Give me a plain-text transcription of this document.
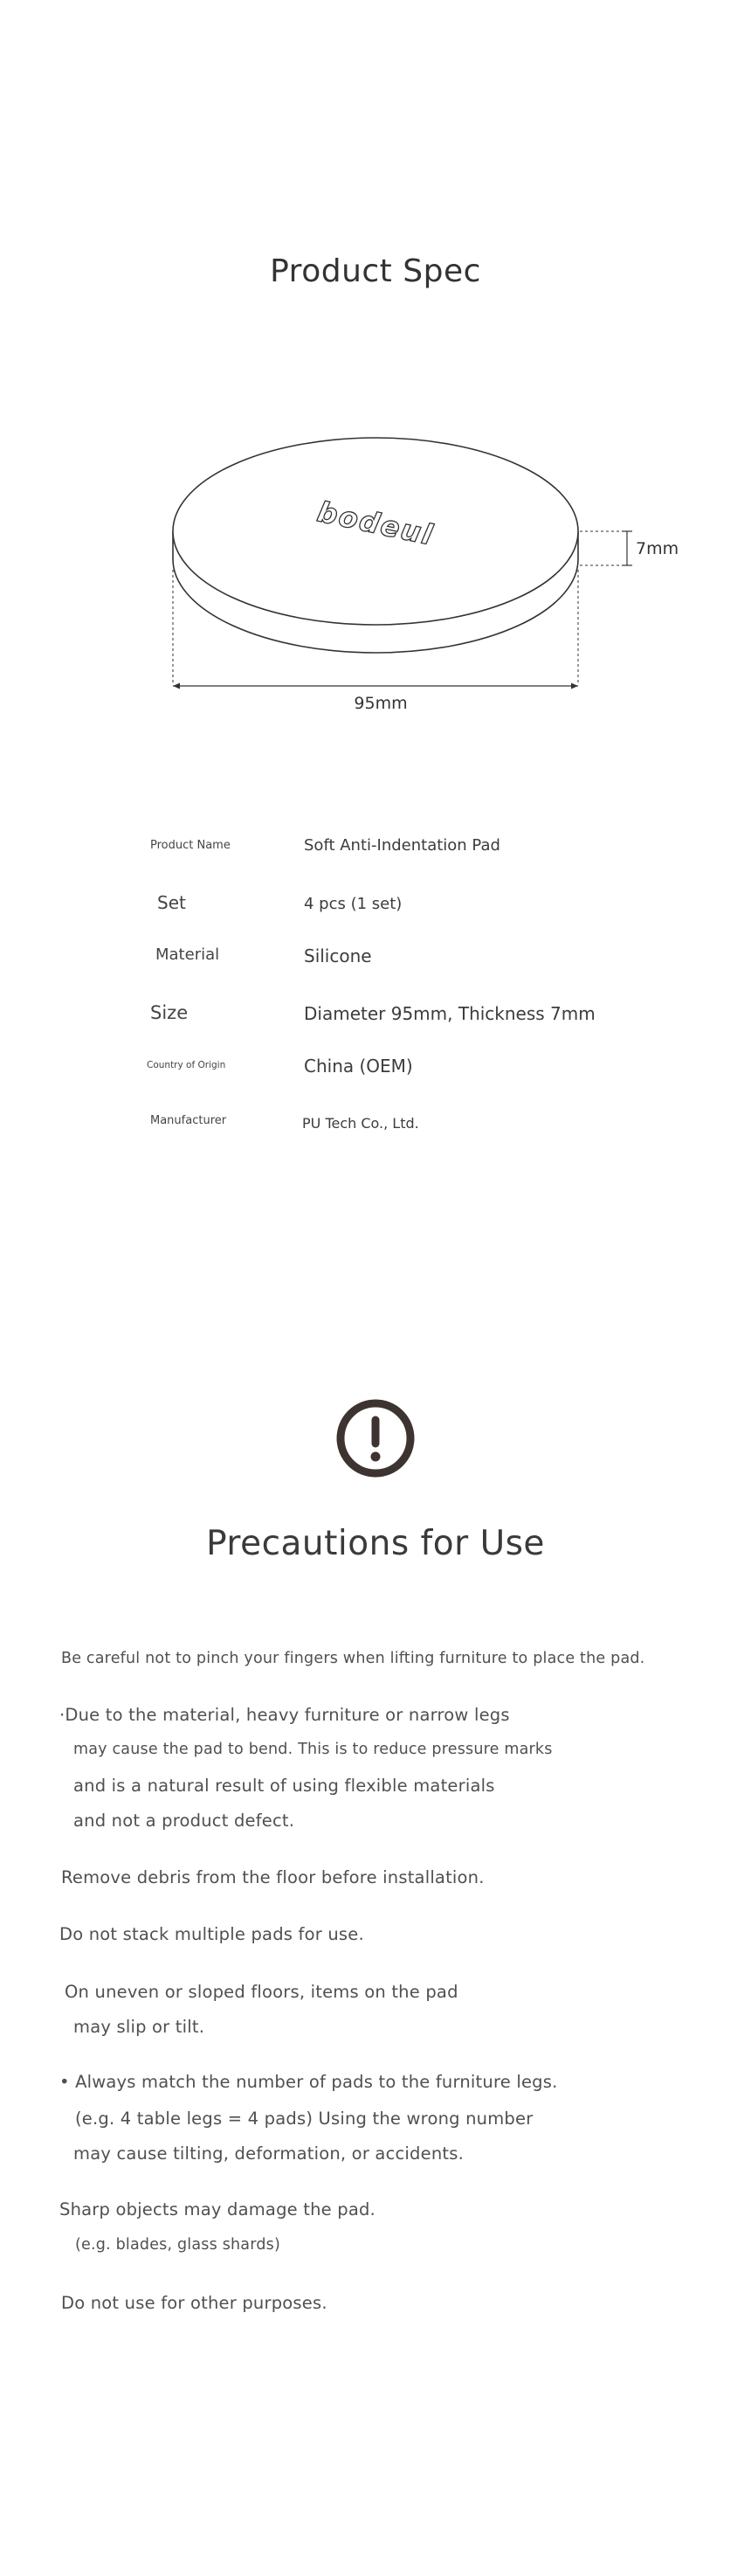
Product Spec
bodeul	7mm
95mm
Product Name	Soft Anti-Indentation Pad
Set	4 pcs (1 set)
Material	Silicone
Size	Diameter 95mm, Thickness 7mm
Country of Origin	China (OEM)
Manufacturer	PU Tech Co., Ltd.
Precautions for Use
Be careful not to pinch your fingers when lifting furniture to place the pad.
·Due to the material, heavy furniture or narrow legs
may cause the pad to bend. This is to reduce pressure marks
and is a natural result of using flexible materials
and not a product defect.
Remove debris from the floor before installation.
Do not stack multiple pads for use.
On uneven or sloped floors, items on the pad
may slip or tilt.
• Always match the number of pads to the furniture legs.
(e.g. 4 table legs = 4 pads) Using the wrong number
may cause tilting, deformation, or accidents.
Sharp objects may damage the pad.
(e.g. blades, glass shards)
Do not use for other purposes.
